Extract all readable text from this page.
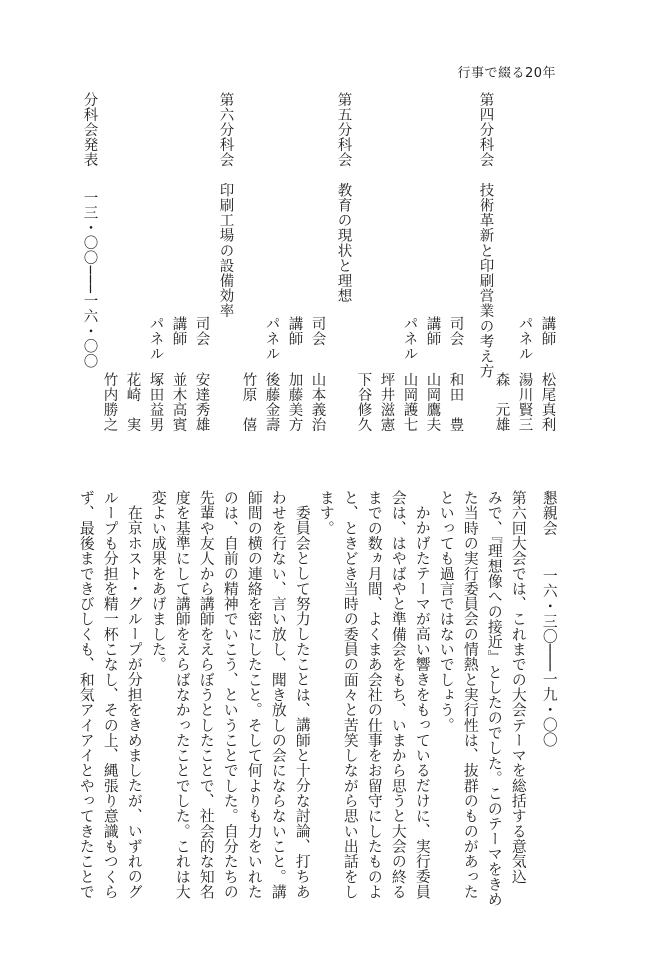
行事で綴る20年
第四分科会　技術革新と印刷営業の考え方	講師
松尾真利
パネル
湯川賢三
森　元雄
司会
和田　豊
講師
山岡鷹夫
パネル
山岡護七
坪井滋憲
下谷修久
第五分科会　教育の現状と理想
司会
山本義治
講師
加藤美方
パネル
後藤金壽
竹原　僖
第六分科会　印刷工場の設備効率
司会
安達秀雄
講師
並木高賓
パネル
塚田益男
花崎　実
竹内勝之
分科会発表
一三・〇〇───一六・〇〇
懇親会
一六・三〇───一九・〇〇
第六回大会では、これまでの大会テーマを総括する意気込
みで、『理想像への接近』としたのでした。このテーマをきめ
た当時の実行委員会の情熱と実行性は、抜群のものがあった
といっても過言ではないでしょう。
かかげたテーマが高い響きをもっているだけに、実行委員
会は、はやばやと準備会をもち、いまから思うと大会の終る
までの数ヵ月間、よくまあ会社の仕事をお留守にしたものよ
と、ときどき当時の委員の面々と苦笑しながら思い出話をし
ます。
委員会として努力したことは、講師と十分な討論、打ちあ
わせを行ない、言い放し、聞き放しの会にならないこと。講
師間の横の連絡を密にしたこと。そして何よりも力をいれた
のは、自前の精神でいこう、ということでした。自分たちの
先輩や友人から講師をえらぼうとしたことで、社会的な知名
度を基準にして講師をえらばなかったことでした。これは大
変よい成果をあげました。
在京ホスト・グループが分担をきめましたが、いずれのグ
ループも分担を精一杯こなし、その上、縄張り意識もつくら
ず、最後まできびしくも、和気アイアイとやってきたことで
